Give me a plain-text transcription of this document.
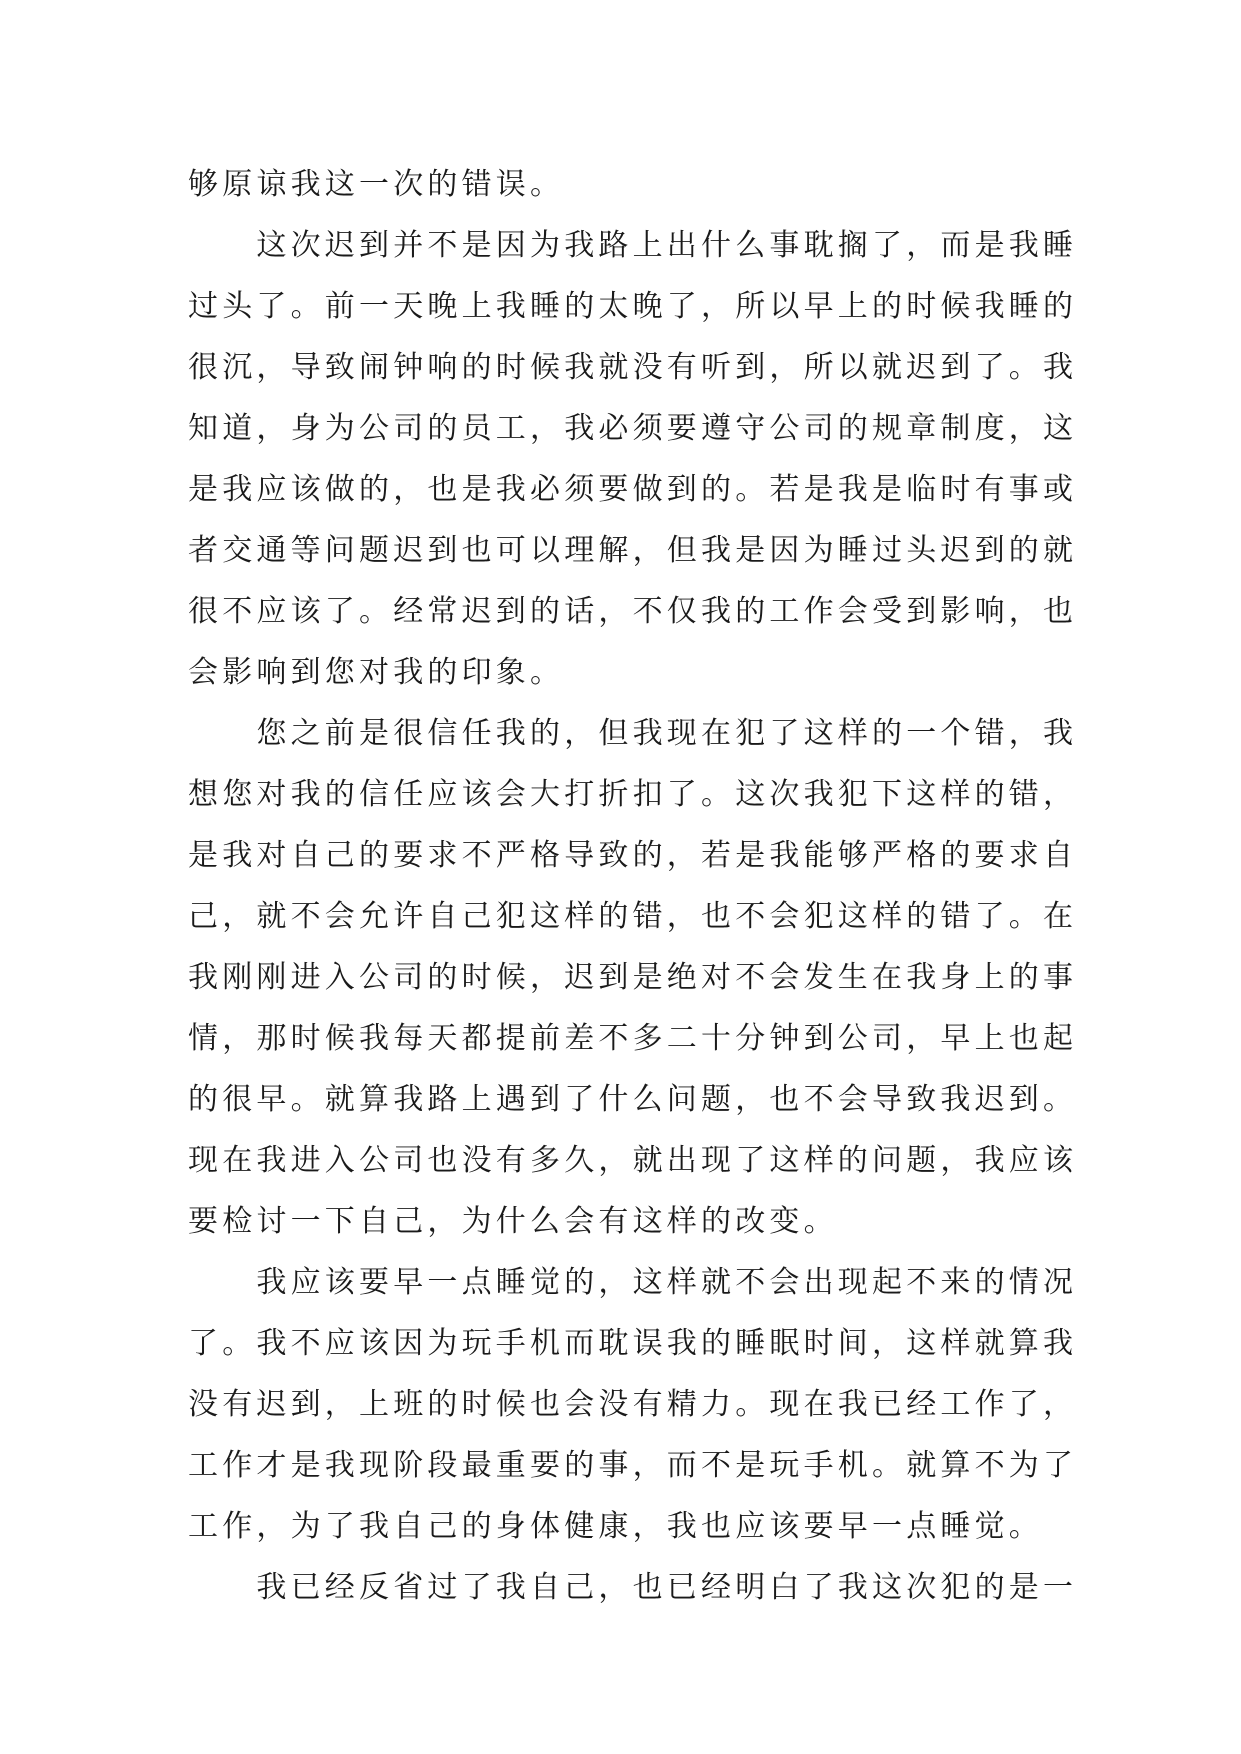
够原谅我这一次的错误。
　　这次迟到并不是因为我路上出什么事耽搁了，而是我睡
过头了。前一天晚上我睡的太晚了，所以早上的时候我睡的
很沉，导致闹钟响的时候我就没有听到，所以就迟到了。我
知道，身为公司的员工，我必须要遵守公司的规章制度，这
是我应该做的，也是我必须要做到的。若是我是临时有事或
者交通等问题迟到也可以理解，但我是因为睡过头迟到的就
很不应该了。经常迟到的话，不仅我的工作会受到影响，也
会影响到您对我的印象。
　　您之前是很信任我的，但我现在犯了这样的一个错，我
想您对我的信任应该会大打折扣了。这次我犯下这样的错，
是我对自己的要求不严格导致的，若是我能够严格的要求自
己，就不会允许自己犯这样的错，也不会犯这样的错了。在
我刚刚进入公司的时候，迟到是绝对不会发生在我身上的事
情，那时候我每天都提前差不多二十分钟到公司，早上也起
的很早。就算我路上遇到了什么问题，也不会导致我迟到。
现在我进入公司也没有多久，就出现了这样的问题，我应该
要检讨一下自己，为什么会有这样的改变。
　　我应该要早一点睡觉的，这样就不会出现起不来的情况
了。我不应该因为玩手机而耽误我的睡眠时间，这样就算我
没有迟到，上班的时候也会没有精力。现在我已经工作了，
工作才是我现阶段最重要的事，而不是玩手机。就算不为了
工作，为了我自己的身体健康，我也应该要早一点睡觉。
　　我已经反省过了我自己，也已经明白了我这次犯的是一
